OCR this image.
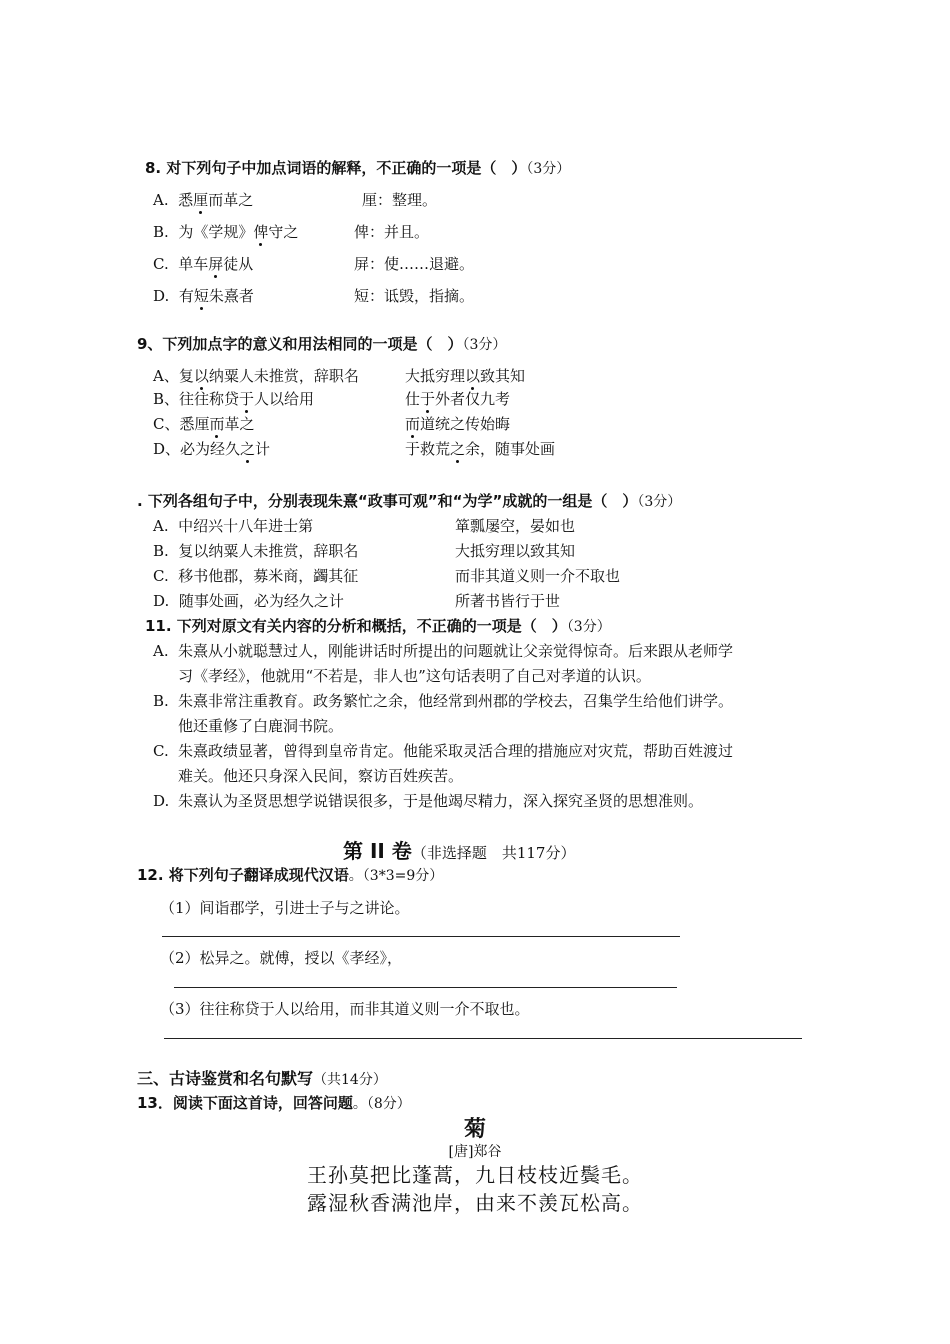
8. 对下列句子中加点词语的解释，不正确的一项是（　）（3分）
A. 悉厘而革之	厘：整理。
B. 为《学规》俾守之	俾：并且。
C. 单车屏徒从	屏：使……退避。
D. 有短朱熹者	短：诋毁，指摘。
9、下列加点字的意义和用法相同的一项是（　）（3分）
A、复以纳粟人未推赏，辞职名	大抵穷理以致其知
B、往往称贷于人以给用	仕于外者仅九考
C、悉厘而革之	而道统之传始晦
D、必为经久之计	于救荒之余，随事处画
. 下列各组句子中，分别表现朱熹“政事可观”和“为学”成就的一组是（　）（3分）
A. 中绍兴十八年进士第	箪瓢屡空，晏如也
B. 复以纳粟人未推赏，辞职名	大抵穷理以致其知
C. 移书他郡，募米商，蠲其征	而非其道义则一介不取也
D. 随事处画，必为经久之计	所著书皆行于世
11. 下列对原文有关内容的分析和概括，不正确的一项是（　）（3分）
A. 朱熹从小就聪慧过人，刚能讲话时所提出的问题就让父亲觉得惊奇。后来跟从老师学
习《孝经》，他就用“不若是，非人也”这句话表明了自己对孝道的认识。
B. 朱熹非常注重教育。政务繁忙之余，他经常到州郡的学校去，召集学生给他们讲学。
他还重修了白鹿洞书院。
C. 朱熹政绩显著，曾得到皇帝肯定。他能采取灵活合理的措施应对灾荒，帮助百姓渡过
难关。他还只身深入民间，察访百姓疾苦。
D. 朱熹认为圣贤思想学说错误很多，于是他竭尽精力，深入探究圣贤的思想准则。
第 II 卷（非选择题　共117分）
12. 将下列句子翻译成现代汉语。（3*3=9分）
（1）间诣郡学，引进士子与之讲论。
（2）松异之。就傅，授以《孝经》，
（3）往往称贷于人以给用，而非其道义则一介不取也。
三、古诗鉴赏和名句默写（共14分）
13．阅读下面这首诗，回答问题。（8分）
菊
[唐]郑谷
王孙莫把比蓬蒿，九日枝枝近鬓毛。
露湿秋香满池岸，由来不羡瓦松高。
